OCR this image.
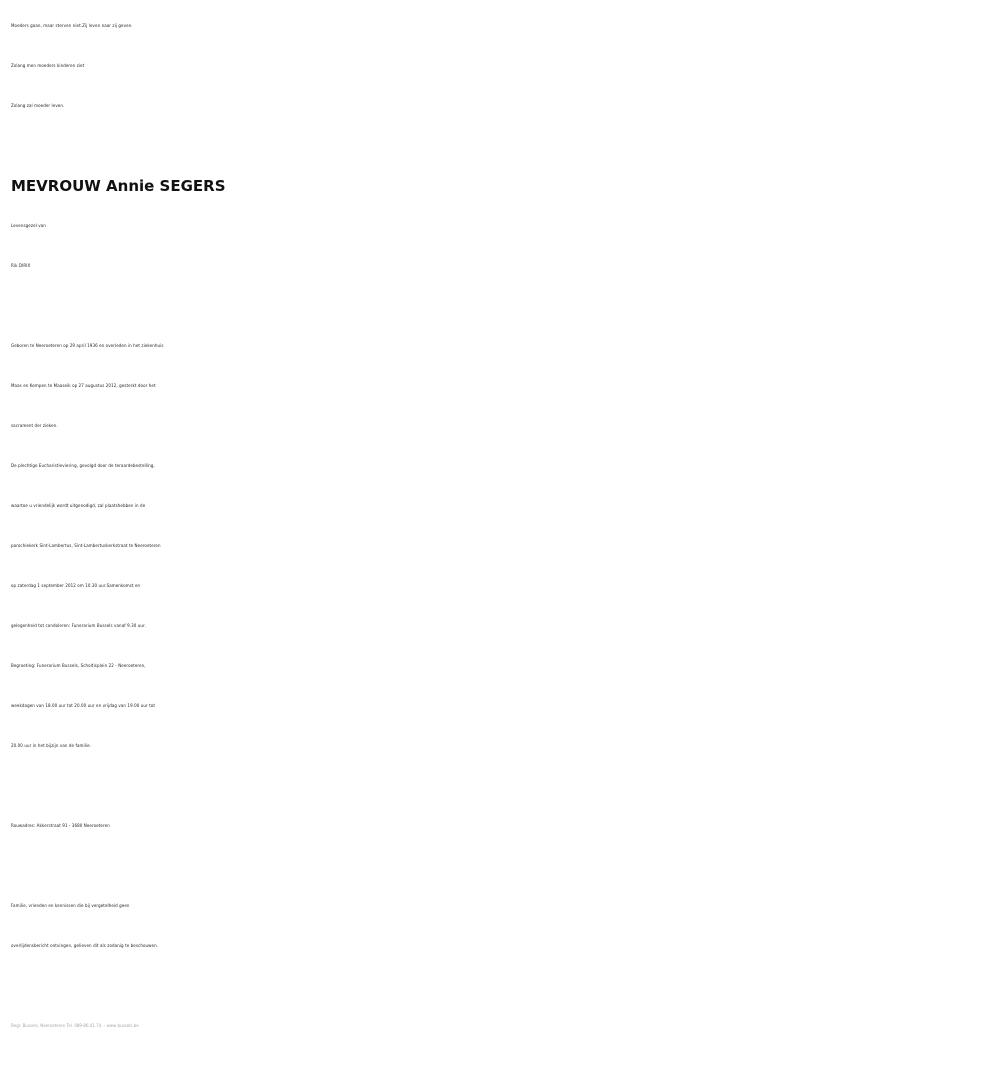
Moeders gaan, maar sterven niet.Zij leven naar zij geven.
Zolang men moeders kinderen ziet
Zolang zal moeder leven.
MEVROUW Annie SEGERS
Levensgezel van
Rik DIRIX
Geboren te Neeroeteren op 29 april 1936 en overleden in het ziekenhuis
Maas en Kempen te Maaseik op 27 augustus 2012, gesterkt door het
sacrament der zieken.
De plechtige Eucharistieviering, gevolgd door de teraardebestelling,
waartoe u vriendelijk wordt uitgenodigd, zal plaatshebben in de
parochiekerk Sint-Lambertus, Sint-Lambertuskerkstraat te Neeroeteren
op zaterdag 1 september 2012 om 10.30 uur.Samenkomst en
gelegenheid tot condoleren: Funerarium Bussels vanaf 9.30 uur.
Begroeting: Funerarium Bussels, Scholtisplein 22 - Neeroeteren,
weekdagen van 18.00 uur tot 20.00 uur en vrijdag van 19.00 uur tot
20.00 uur in het bijzijn van de familie.
Rouwadres: Akkerstraat 91 - 3680 Neeroeteren
Familie, vrienden en kennissen die bij vergetelheid geen
overlijdensbericht ontvingen, gelieven dit als zodanig te beschouwen.
Begr. Bussels, Neeroeteren Tel. 089-86.41.74. - www bussels.be
